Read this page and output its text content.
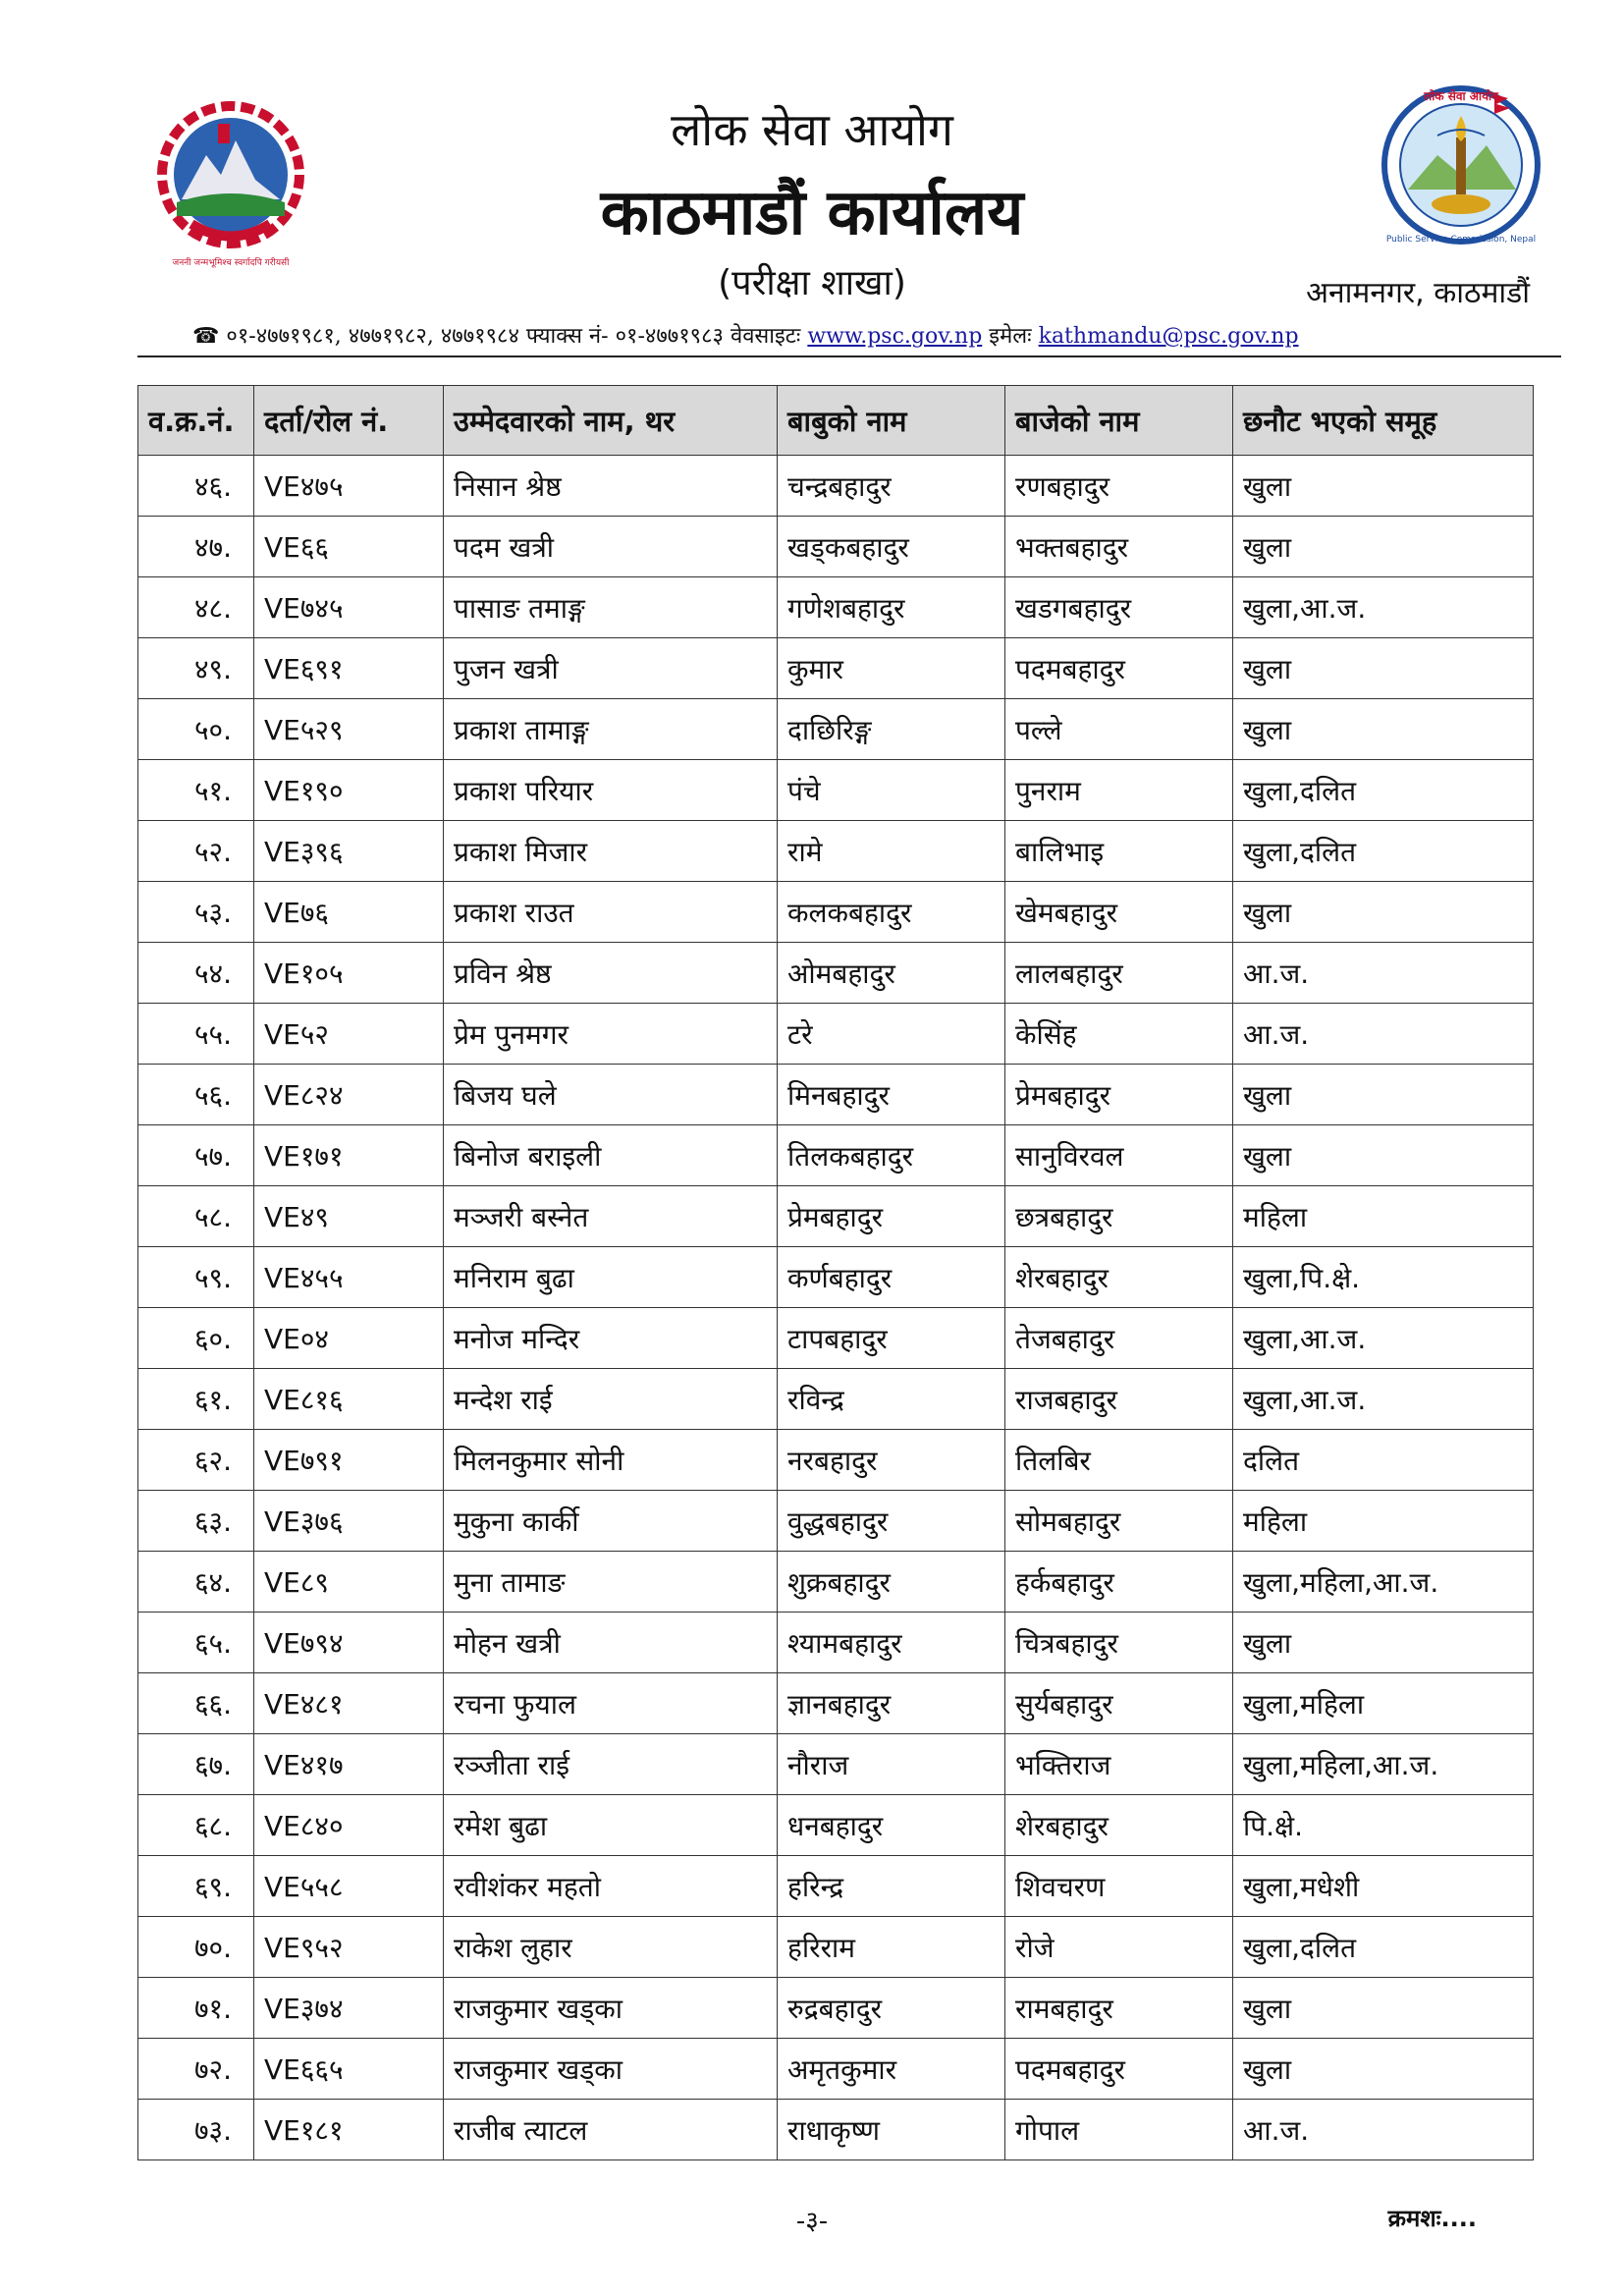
जननी जन्मभूमिश्च स्वर्गादपि गरीयसी
लोक सेवा आयोग
Public Service Commission, Nepal
लोक सेवा आयोग
काठमाडौं कार्यालय
(परीक्षा शाखा)	अनामनगर, काठमाडौं
☎ ०१-४७७१९८१, ४७७१९८२, ४७७१९८४ फ्याक्स नं- ०१-४७७१९८३ वेवसाइटः www.psc.gov.np इमेलः kathmandu@psc.gov.np
व.क्र.नं.	दर्ता/रोल नं.	उम्मेदवारको नाम, थर	बाबुको नाम	बाजेको नाम	छनौट भएको समूह
४६.	VE४७५	निसान श्रेष्ठ	चन्द्रबहादुर	रणबहादुर	खुला
४७.	VE६६	पदम खत्री	खड्कबहादुर	भक्तबहादुर	खुला
४८.	VE७४५	पासाङ तमाङ्ग	गणेशबहादुर	खडगबहादुर	खुला,आ.ज.
४९.	VE६९१	पुजन खत्री	कुमार	पदमबहादुर	खुला
५०.	VE५२९	प्रकाश तामाङ्ग	दाछिरिङ्ग	पल्ले	खुला
५१.	VE१९०	प्रकाश परियार	पंचे	पुनराम	खुला,दलित
५२.	VE३९६	प्रकाश मिजार	रामे	बालिभाइ	खुला,दलित
५३.	VE७६	प्रकाश राउत	कलकबहादुर	खेमबहादुर	खुला
५४.	VE१०५	प्रविन श्रेष्ठ	ओमबहादुर	लालबहादुर	आ.ज.
५५.	VE५२	प्रेम पुनमगर	टरे	केसिंह	आ.ज.
५६.	VE८२४	बिजय घले	मिनबहादुर	प्रेमबहादुर	खुला
५७.	VE१७१	बिनोज बराइली	तिलकबहादुर	सानुविरवल	खुला
५८.	VE४९	मञ्जरी बस्नेत	प्रेमबहादुर	छत्रबहादुर	महिला
५९.	VE४५५	मनिराम बुढा	कर्णबहादुर	शेरबहादुर	खुला,पि.क्षे.
६०.	VE०४	मनोज मन्दिर	टापबहादुर	तेजबहादुर	खुला,आ.ज.
६१.	VE८१६	मन्देश राई	रविन्द्र	राजबहादुर	खुला,आ.ज.
६२.	VE७९१	मिलनकुमार सोनी	नरबहादुर	तिलबिर	दलित
६३.	VE३७६	मुकुना कार्की	वुद्धबहादुर	सोमबहादुर	महिला
६४.	VE८९	मुना तामाङ	शुक्रबहादुर	हर्कबहादुर	खुला,महिला,आ.ज.
६५.	VE७९४	मोहन खत्री	श्यामबहादुर	चित्रबहादुर	खुला
६६.	VE४८१	रचना फुयाल	ज्ञानबहादुर	सुर्यबहादुर	खुला,महिला
६७.	VE४१७	रञ्जीता राई	नौराज	भक्तिराज	खुला,महिला,आ.ज.
६८.	VE८४०	रमेश बुढा	धनबहादुर	शेरबहादुर	पि.क्षे.
६९.	VE५५८	रवीशंकर महतो	हरिन्द्र	शिवचरण	खुला,मधेशी
७०.	VE९५२	राकेश लुहार	हरिराम	रोजे	खुला,दलित
७१.	VE३७४	राजकुमार खड्का	रुद्रबहादुर	रामबहादुर	खुला
७२.	VE६६५	राजकुमार खड्का	अमृतकुमार	पदमबहादुर	खुला
७३.	VE१८१	राजीब त्याटल	राधाकृष्ण	गोपाल	आ.ज.
-३-	क्रमशः....
